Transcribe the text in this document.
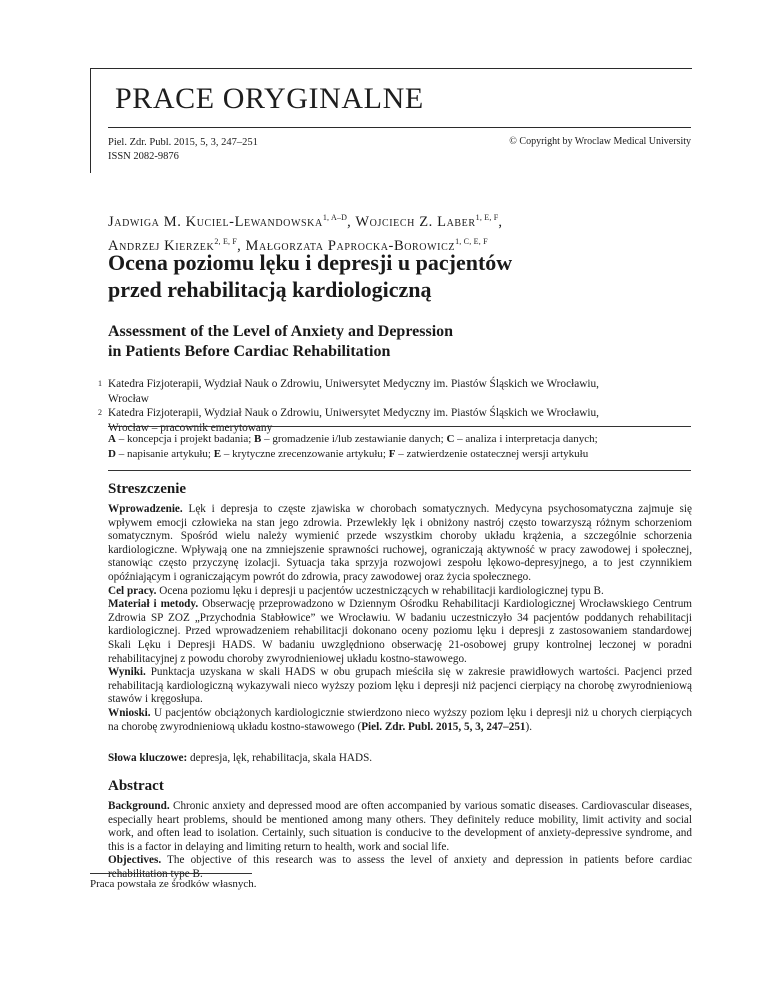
PRACE ORYGINALNE
Piel. Zdr. Publ. 2015, 5, 3, 247–251
ISSN 2082-9876
© Copyright by Wroclaw Medical University
Jadwiga M. Kuciel-Lewandowska$^{1, A-D}$, Wojciech Z. Laber$^{1, E, F}$,
Andrzej Kierzek$^{2, E, F}$, Małgorzata Paprocka-Borowicz$^{1, C, E, F}$
Ocena poziomu lęku i depresji u pacjentów
przed rehabilitacją kardiologiczną
Assessment of the Level of Anxiety and Depression
in Patients Before Cardiac Rehabilitation
1 Katedra Fizjoterapii, Wydział Nauk o Zdrowiu, Uniwersytet Medyczny im. Piastów Śląskich we Wrocławiu,
Wrocław
2 Katedra Fizjoterapii, Wydział Nauk o Zdrowiu, Uniwersytet Medyczny im. Piastów Śląskich we Wrocławiu,
Wrocław – pracownik emerytowany
A – koncepcja i projekt badania; B – gromadzenie i/lub zestawianie danych; C – analiza i interpretacja danych;
D – napisanie artykułu; E – krytyczne zrecenzowanie artykułu; F – zatwierdzenie ostatecznej wersji artykułu
Streszczenie
Wprowadzenie. Lęk i depresja to częste zjawiska w chorobach somatycznych. Medycyna psychosomatyczna zajmuje się wpływem emocji człowieka na stan jego zdrowia. Przewlekły lęk i obniżony nastrój często towarzyszą różnym schorzeniom somatycznym. Spośród wielu należy wymienić przede wszystkim choroby układu krążenia, a szczególnie schorzenia kardiologiczne. Wpływają one na zmniejszenie sprawności ruchowej, ograniczają aktywność w pracy zawodowej i społecznej, stanowiąc często przyczynę izolacji. Sytuacja taka sprzyja rozwojowi zespołu lękowo-depresyjnego, a to jest czynnikiem opóźniającym i ograniczającym powrót do zdrowia, pracy zawodowej oraz życia społecznego.
Cel pracy. Ocena poziomu lęku i depresji u pacjentów uczestniczących w rehabilitacji kardiologicznej typu B.
Materiał i metody. Obserwację przeprowadzono w Dziennym Ośrodku Rehabilitacji Kardiologicznej Wrocławskiego Centrum Zdrowia SP ZOZ „Przychodnia Stabłowice” we Wrocławiu. W badaniu uczestniczyło 34 pacjentów poddanych rehabilitacji kardiologicznej. Przed wprowadzeniem rehabilitacji dokonano oceny poziomu lęku i depresji z zastosowaniem standardowej Skali Lęku i Depresji HADS. W badaniu uwzględniono obserwację 21-osobowej grupy kontrolnej leczonej w poradni rehabilitacyjnej z powodu choroby zwyrodnieniowej układu kostno-stawowego.
Wyniki. Punktacja uzyskana w skali HADS w obu grupach mieściła się w zakresie prawidłowych wartości. Pacjenci przed rehabilitacją kardiologiczną wykazywali nieco wyższy poziom lęku i depresji niż pacjenci cierpiący na chorobę zwyrodnieniową stawów i kręgosłupa.
Wnioski. U pacjentów obciążonych kardiologicznie stwierdzono nieco wyższy poziom lęku i depresji niż u chorych cierpiących na chorobę zwyrodnieniową układu kostno-stawowego (Piel. Zdr. Publ. 2015, 5, 3, 247–251).
Słowa kluczowe: depresja, lęk, rehabilitacja, skala HADS.
Abstract
Background. Chronic anxiety and depressed mood are often accompanied by various somatic diseases. Cardiovascular diseases, especially heart problems, should be mentioned among many others. They definitely reduce mobility, limit activity and social work, and often lead to isolation. Certainly, such situation is conducive to the development of anxiety-depressive syndrome, and this is a factor in delaying and limiting return to health, work and social life.
Objectives. The objective of this research was to assess the level of anxiety and depression in patients before cardiac rehabilitation type B.
Praca powstała ze środków własnych.
